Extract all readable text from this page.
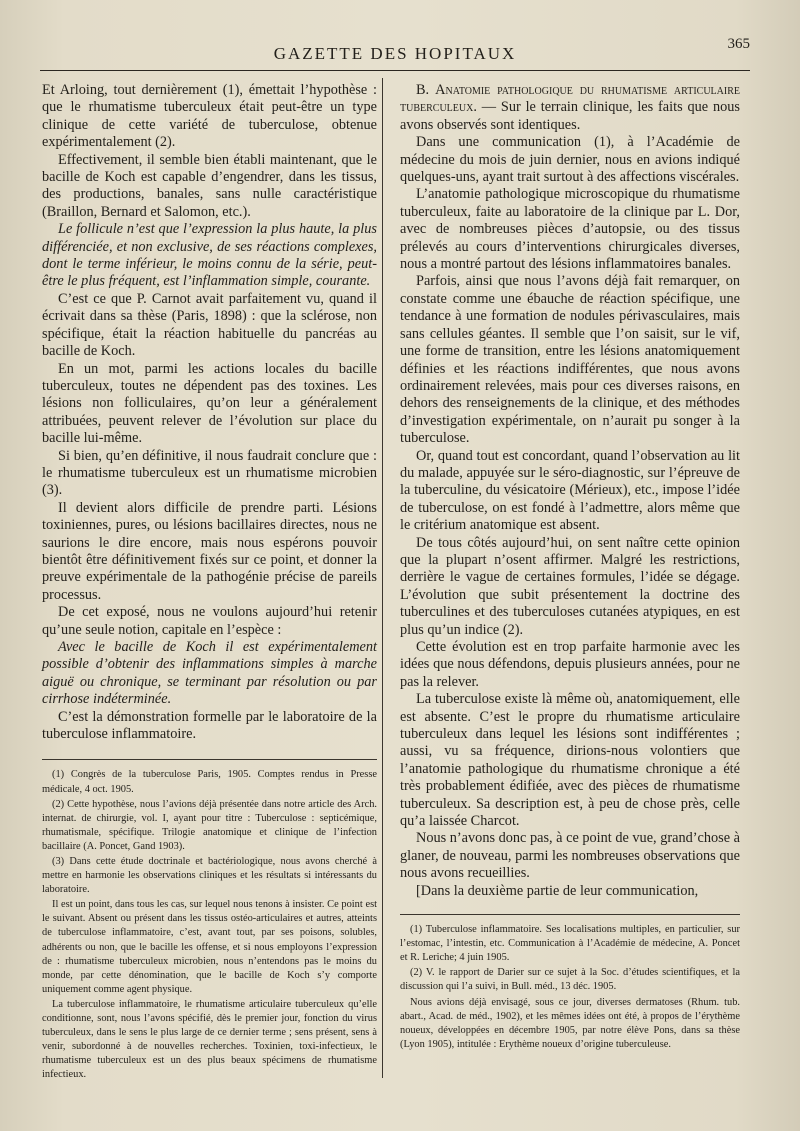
GAZETTE DES HOPITAUX	365

Et Arloing, tout dernièrement (1), émettait l’hypothèse : que le rhumatisme tuberculeux était peut-être un type clinique de cette variété de tuberculose, obtenue expérimentalement (2).

Effectivement, il semble bien établi maintenant, que le bacille de Koch est capable d’engendrer, dans les tissus, des productions, banales, sans nulle caractéristique (Braillon, Bernard et Salomon, etc.).

Le follicule n’est que l’expression la plus haute, la plus différenciée, et non exclusive, de ses réactions complexes, dont le terme inférieur, le moins connu de la série, peut-être le plus fréquent, est l’inflammation simple, courante.

C’est ce que P. Carnot avait parfaitement vu, quand il écrivait dans sa thèse (Paris, 1898) : que la sclérose, non spécifique, était la réaction habituelle du pancréas au bacille de Koch.

En un mot, parmi les actions locales du bacille tuberculeux, toutes ne dépendent pas des toxines. Les lésions non folliculaires, qu’on leur a généralement attribuées, peuvent relever de l’évolution sur place du bacille lui-même.

Si bien, qu’en définitive, il nous faudrait conclure que : le rhumatisme tuberculeux est un rhumatisme microbien (3).

Il devient alors difficile de prendre parti. Lésions toxiniennes, pures, ou lésions bacillaires directes, nous ne saurions le dire encore, mais nous espérons pouvoir bientôt être définitivement fixés sur ce point, et donner la preuve expérimentale de la pathogénie précise de pareils processus.

De cet exposé, nous ne voulons aujourd’hui retenir qu’une seule notion, capitale en l’espèce :

Avec le bacille de Koch il est expérimentalement possible d’obtenir des inflammations simples à marche aiguë ou chronique, se terminant par résolution ou par cirrhose indéterminée.

C’est la démonstration formelle par le laboratoire de la tuberculose inflammatoire.

(1) Congrès de la tuberculose Paris, 1905. Comptes rendus in Presse médicale, 4 oct. 1905.

(2) Cette hypothèse, nous l’avions déjà présentée dans notre article des Arch. internat. de chirurgie, vol. I, ayant pour titre : Tuberculose : septicémique, rhumatismale, spécifique. Trilogie anatomique et clinique de l’infection bacillaire (A. Poncet, Gand 1903).

(3) Dans cette étude doctrinale et bactériologique, nous avons cherché à mettre en harmonie les observations cliniques et les résultats si intéressants du laboratoire.

Il est un point, dans tous les cas, sur lequel nous tenons à insister. Ce point est le suivant. Absent ou présent dans les tissus ostéo-articulaires et autres, atteints de tuberculose inflammatoire, c’est, avant tout, par ses poisons, solubles, adhérents ou non, que le bacille les offense, et si nous employons l’expression de : rhumatisme tuberculeux microbien, nous n’entendons pas le moins du monde, par cette dénomination, que le bacille de Koch s’y comporte uniquement comme agent physique.

La tuberculose inflammatoire, le rhumatisme articulaire tuberculeux qu’elle conditionne, sont, nous l’avons spécifié, dès le premier jour, fonction du virus tuberculeux, dans le sens le plus large de ce dernier terme ; sens présent, sens à venir, subordonné à de nouvelles recherches. Toxinien, toxi-infectieux, le rhumatisme tuberculeux est un des plus beaux spécimens de rhumatisme infectieux.

B. Anatomie pathologique du rhumatisme articulaire tuberculeux. — Sur le terrain clinique, les faits que nous avons observés sont identiques.

Dans une communication (1), à l’Académie de médecine du mois de juin dernier, nous en avions indiqué quelques-uns, ayant trait surtout à des affections viscérales.

L’anatomie pathologique microscopique du rhumatisme tuberculeux, faite au laboratoire de la clinique par L. Dor, avec de nombreuses pièces d’autopsie, ou des tissus prélevés au cours d’interventions chirurgicales diverses, nous a montré partout des lésions inflammatoires banales.

Parfois, ainsi que nous l’avons déjà fait remarquer, on constate comme une ébauche de réaction spécifique, une tendance à une formation de nodules périvasculaires, mais sans cellules géantes. Il semble que l’on saisit, sur le vif, une forme de transition, entre les lésions anatomiquement définies et les réactions indifférentes, que nous avons ordinairement relevées, mais pour ces diverses raisons, en dehors des renseignements de la clinique, et des méthodes d’investigation expérimentale, on n’aurait pu songer à la tuberculose.

Or, quand tout est concordant, quand l’observation au lit du malade, appuyée sur le séro-diagnostic, sur l’épreuve de la tuberculine, du vésicatoire (Mérieux), etc., impose l’idée de tuberculose, on est fondé à l’admettre, alors même que le critérium anatomique est absent.

De tous côtés aujourd’hui, on sent naître cette opinion que la plupart n’osent affirmer. Malgré les restrictions, derrière le vague de certaines formules, l’idée se dégage. L’évolution que subit présentement la doctrine des tuberculines et des tuberculoses cutanées atypiques, en est plus qu’un indice (2).

Cette évolution est en trop parfaite harmonie avec les idées que nous défendons, depuis plusieurs années, pour ne pas la relever.

La tuberculose existe là même où, anatomiquement, elle est absente. C’est le propre du rhumatisme articulaire tuberculeux dans lequel les lésions sont indifférentes ; aussi, vu sa fréquence, dirions-nous volontiers que l’anatomie pathologique du rhumatisme chronique a été très probablement édifiée, avec des pièces de rhumatisme tuberculeux. Sa description est, à peu de chose près, celle qu’a laissée Charcot.

Nous n’avons donc pas, à ce point de vue, grand’chose à glaner, de nouveau, parmi les nombreuses observations que nous avons recueillies.

[Dans la deuxième partie de leur communication,

(1) Tuberculose inflammatoire. Ses localisations multiples, en particulier, sur l’estomac, l’intestin, etc. Communication à l’Académie de médecine, A. Poncet et R. Leriche; 4 juin 1905.

(2) V. le rapport de Darier sur ce sujet à la Soc. d’études scientifiques, et la discussion qui l’a suivi, in Bull. méd., 13 déc. 1905.

Nous avions déjà envisagé, sous ce jour, diverses dermatoses (Rhum. tub. abart., Acad. de méd., 1902), et les mêmes idées ont été, à propos de l’érythème noueux, développées en décembre 1905, par notre élève Pons, dans sa thèse (Lyon 1905), intitulée : Erythème noueux d’origine tuberculeuse.
